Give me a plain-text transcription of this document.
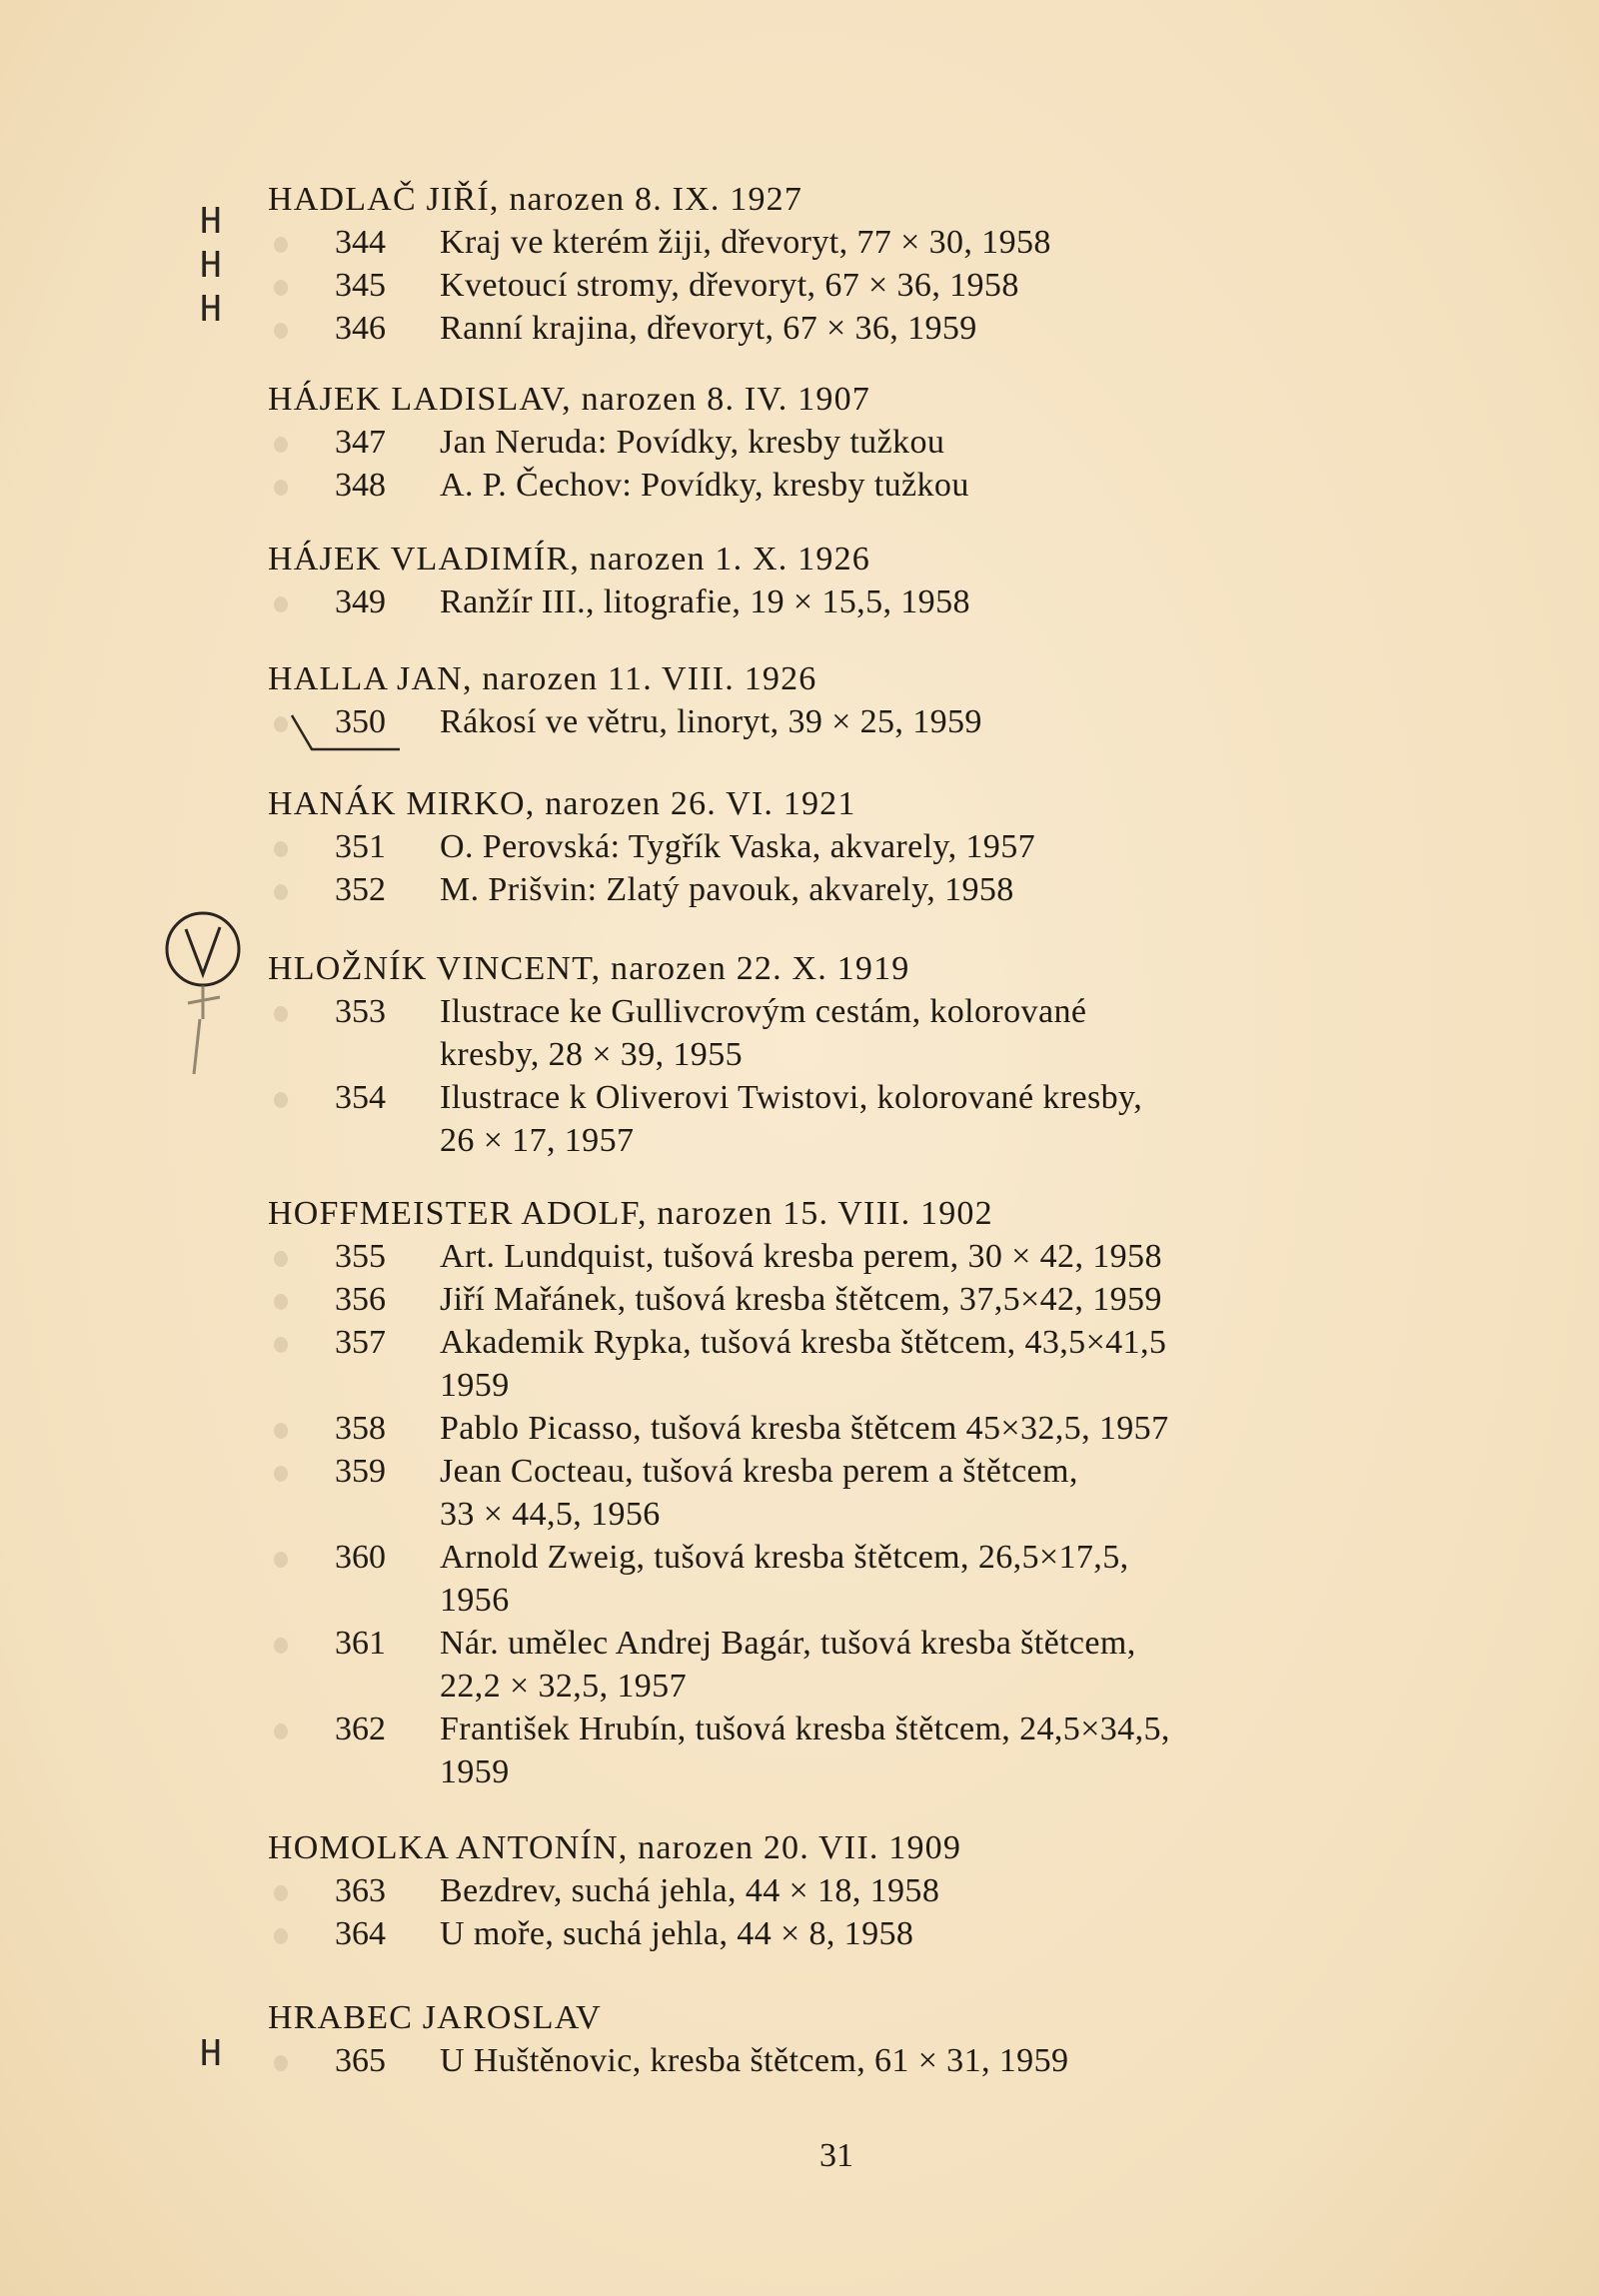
HADLAČ JIŘÍ, narozen 8. IX. 1927
344 Kraj ve kterém žiji, dřevoryt, 77 × 30, 1958
345 Kvetoucí stromy, dřevoryt, 67 × 36, 1958
346 Ranní krajina, dřevoryt, 67 × 36, 1959
HÁJEK LADISLAV, narozen 8. IV. 1907
347 Jan Neruda: Povídky, kresby tužkou
348 A. P. Čechov: Povídky, kresby tužkou
HÁJEK VLADIMÍR, narozen 1. X. 1926
349 Ranžír III., litografie, 19 × 15,5, 1958
HALLA JAN, narozen 11. VIII. 1926
350 Rákosí ve větru, linoryt, 39 × 25, 1959
HANÁK MIRKO, narozen 26. VI. 1921
351 O. Perovská: Tygřík Vaska, akvarely, 1957
352 M. Prišvin: Zlatý pavouk, akvarely, 1958
HLOŽNÍK VINCENT, narozen 22. X. 1919
353 Ilustrace ke Gullivcrovým cestám, kolorované
kresby, 28 × 39, 1955
354 Ilustrace k Oliverovi Twistovi, kolorované kresby,
26 × 17, 1957
HOFFMEISTER ADOLF, narozen 15. VIII. 1902
355 Art. Lundquist, tušová kresba perem, 30 × 42, 1958
356 Jiří Mařánek, tušová kresba štětcem, 37,5×42, 1959
357 Akademik Rypka, tušová kresba štětcem, 43,5×41,5
1959
358 Pablo Picasso, tušová kresba štětcem 45×32,5, 1957
359 Jean Cocteau, tušová kresba perem a štětcem,
33 × 44,5, 1956
360 Arnold Zweig, tušová kresba štětcem, 26,5×17,5,
1956
361 Nár. umělec Andrej Bagár, tušová kresba štětcem,
22,2 × 32,5, 1957
362 František Hrubín, tušová kresba štětcem, 24,5×34,5,
1959
HOMOLKA ANTONÍN, narozen 20. VII. 1909
363 Bezdrev, suchá jehla, 44 × 18, 1958
364 U moře, suchá jehla, 44 × 8, 1958
HRABEC JAROSLAV
365 U Huštěnovic, kresba štětcem, 61 × 31, 1959
H
H
H
H
31
